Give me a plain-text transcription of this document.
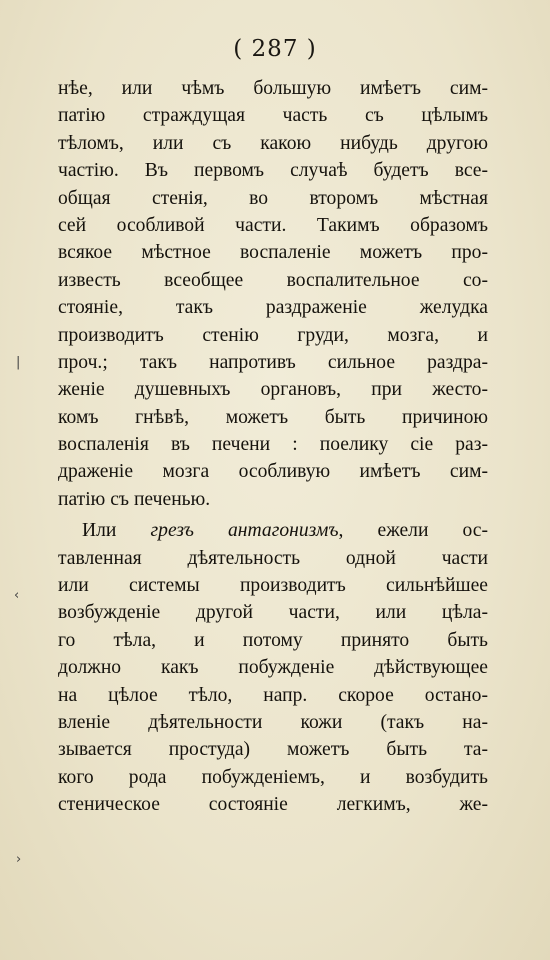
( 287 )
нѣе, или чѣмъ большую имѣетъ сим-
патію страждущая часть съ цѣлымъ
тѣломъ, или съ какою нибудь другою
частію. Въ первомъ случаѣ будетъ все-
общая стенія, во второмъ мѣстная
сей особливой части. Такимъ образомъ
всякое мѣстное воспаленіе можетъ про-
известь всеобщее воспалительное со-
стояніе, такъ раздраженіе желудка
производитъ стенію груди, мозга, и
проч.; такъ напротивъ сильное раздра-
женіе душевныхъ органовъ, при жесто-
комъ гнѣвѣ, можетъ быть причиною
воспаленія въ печени : поелику сіе раз-
драженіе мозга особливую имѣетъ сим-
патію съ печенью.
Или грезъ антагонизмъ, ежели ос-
тавленная дѣятельность одной части
или системы производитъ сильнѣйшее
возбужденіе другой части, или цѣла-
го тѣла, и потому принято быть
должно какъ побужденіе дѣйствующее
на цѣлое тѣло, напр. скорое остано-
вленіе дѣятельности кожи (такъ на-
зывается простуда) можетъ быть та-
кого рода побужденіемъ, и возбудить
стеническое состояніе легкимъ, же-
|
‹
›
